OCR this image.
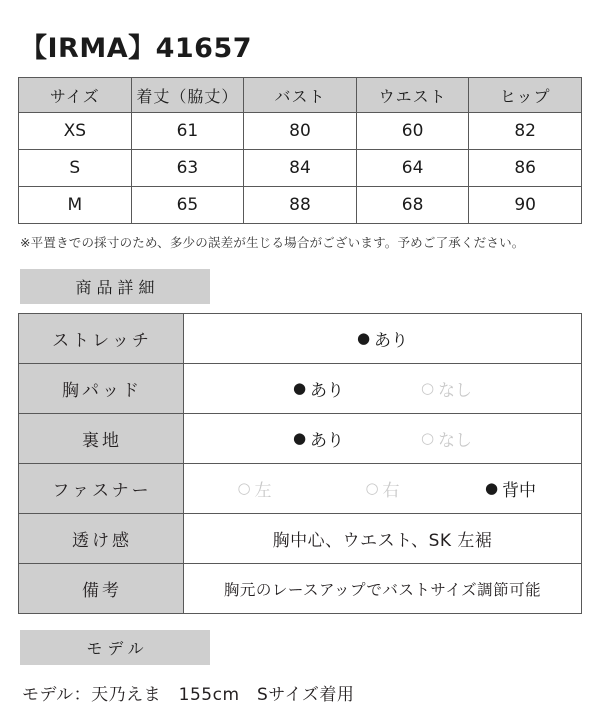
【IRMA】41657
サイズ	着丈（脇丈）	バスト	ウエスト	ヒップ
XS	61	80	60	82
S	63	84	64	86
M	65	88	68	90
※平置きでの採寸のため、多少の誤差が生じる場合がございます。予めご了承ください。
商品詳細
ストレッチ	● あり

胸パッド	● あり ○ なし

裏地	● あり ○ なし

ファスナー	○ 左	○ 右	● 背中

透け感	胸中心、ウエスト、SK 左裾
備考	胸元のレースアップでバストサイズ調節可能
モデル
モデル：天乃えま　155cm　Sサイズ着用
